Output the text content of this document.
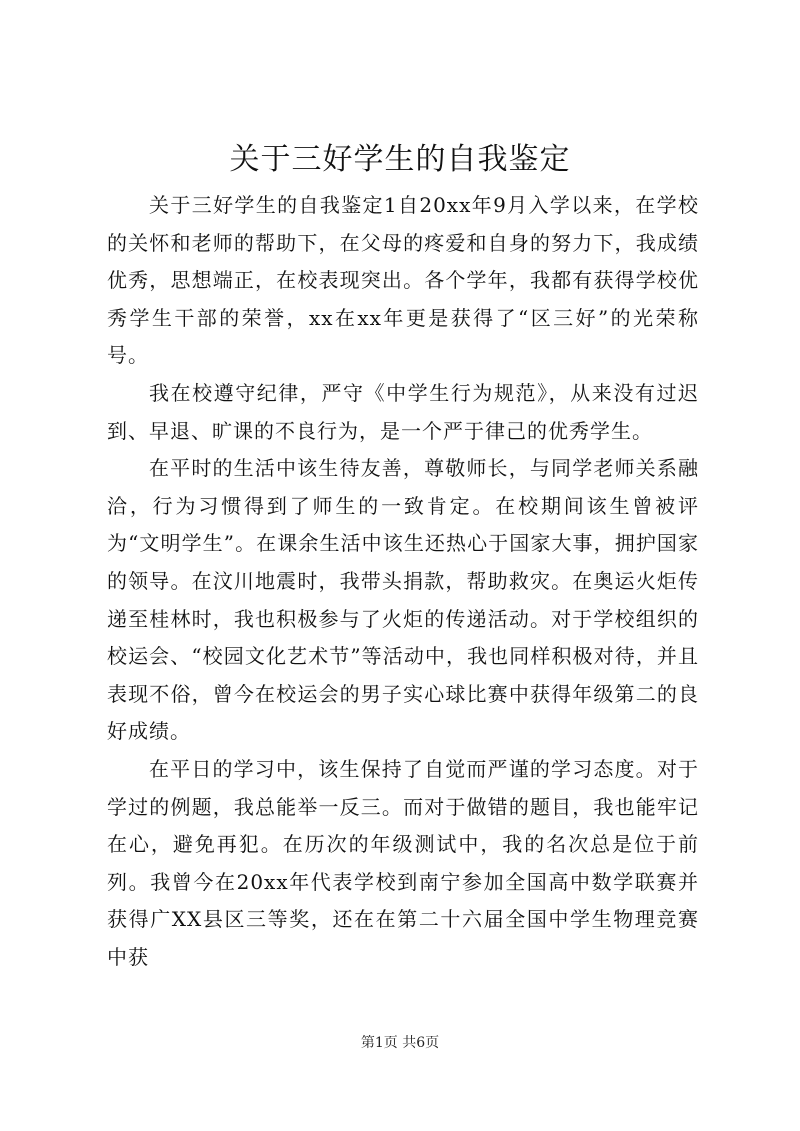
关于三好学生的自我鉴定

关于三好学生的自我鉴定1自20xx年9月入学以来，在学校的关怀和老师的帮助下，在父母的疼爱和自身的努力下，我成绩优秀，思想端正，在校表现突出。各个学年，我都有获得学校优秀学生干部的荣誉，xx在xx年更是获得了“区三好”的光荣称号。

我在校遵守纪律，严守《中学生行为规范》，从来没有过迟到、早退、旷课的不良行为，是一个严于律己的优秀学生。

在平时的生活中该生待友善，尊敬师长，与同学老师关系融洽，行为习惯得到了师生的一致肯定。在校期间该生曾被评为“文明学生”。在课余生活中该生还热心于国家大事，拥护国家的领导。在汶川地震时，我带头捐款，帮助救灾。在奥运火炬传递至桂林时，我也积极参与了火炬的传递活动。对于学校组织的校运会、“校园文化艺术节”等活动中，我也同样积极对待，并且表现不俗，曾今在校运会的男子实心球比赛中获得年级第二的良好成绩。

在平日的学习中，该生保持了自觉而严谨的学习态度。对于学过的例题，我总能举一反三。而对于做错的题目，我也能牢记在心，避免再犯。在历次的年级测试中，我的名次总是位于前列。我曾今在20xx年代表学校到南宁参加全国高中数学联赛并获得广XX县区三等奖，还在在第二十六届全国中学生物理竞赛中获

第1页 共6页
